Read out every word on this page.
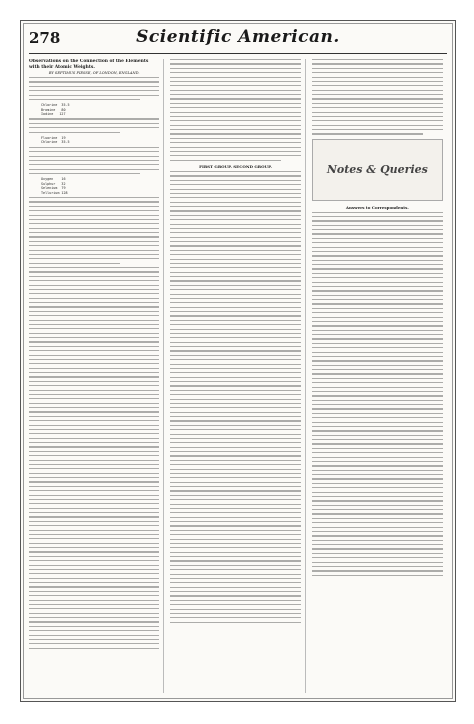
278	Scientific American.
Observations on the Connection of the Elements with their Atomic Weights.
BY SEPTIMUS PIESSE, OF LONDON, ENGLAND.
Chlorine  35.5
Bromine   80
Iodine   127
Fluorine  19
Chlorine  35.5
Oxygen    16
Sulphur   32
Selenium  79
Tellurium 128
FIRST GROUP. SECOND GROUP.	Notes & Queries
Answers to Correspondents.
